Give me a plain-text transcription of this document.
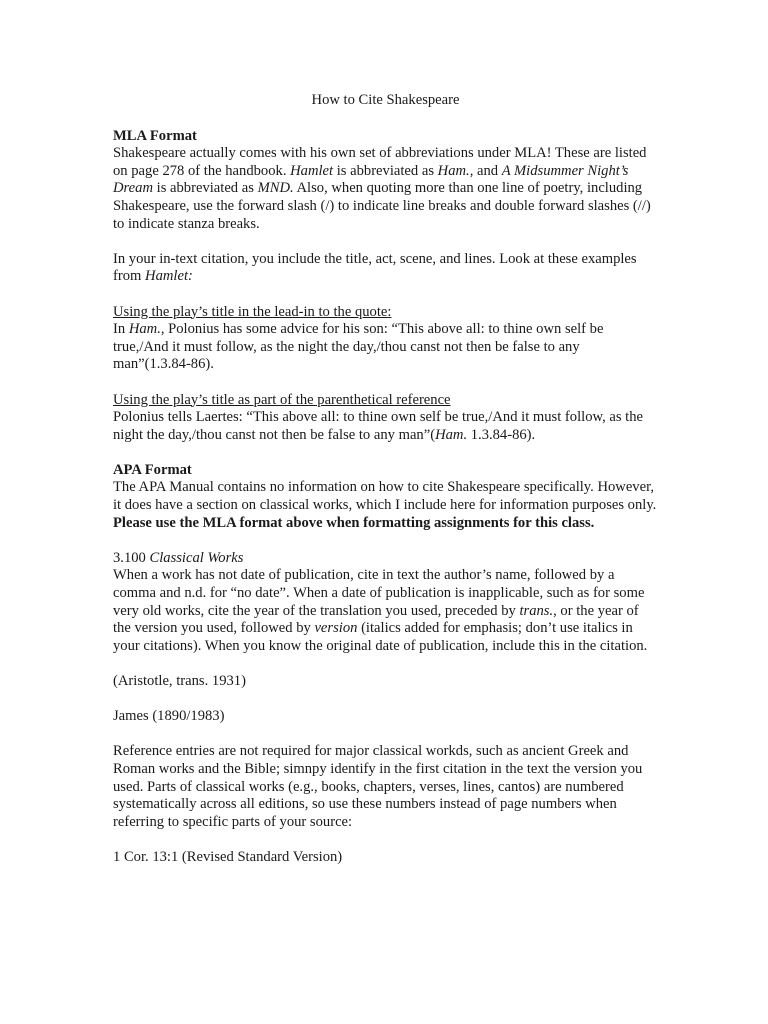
How to Cite Shakespeare
MLA Format

Shakespeare actually comes with his own set of abbreviations under MLA! These are listed on page 278 of the handbook. Hamlet is abbreviated as Ham., and A Midsummer Night’s Dream is abbreviated as MND. Also, when quoting more than one line of poetry, including Shakespeare, use the forward slash (/) to indicate line breaks and double forward slashes (//) to indicate stanza breaks.

In your in-text citation, you include the title, act, scene, and lines. Look at these examples from Hamlet:

Using the play’s title in the lead-in to the quote:
In Ham., Polonius has some advice for his son: “This above all: to thine own self be true,/And it must follow, as the night the day,/thou canst not then be false to any man”(1.3.84-86).

Using the play’s title as part of the parenthetical reference
Polonius tells Laertes: “This above all: to thine own self be true,/And it must follow, as the night the day,/thou canst not then be false to any man”(Ham. 1.3.84-86).

APA Format

The APA Manual contains no information on how to cite Shakespeare specifically. However, it does have a section on classical works, which I include here for information purposes only. Please use the MLA format above when formatting assignments for this class.

3.100 Classical Works
When a work has not date of publication, cite in text the author’s name, followed by a comma and n.d. for “no date”. When a date of publication is inapplicable, such as for some very old works, cite the year of the translation you used, preceded by trans., or the year of the version you used, followed by version (italics added for emphasis; don’t use italics in your citations). When you know the original date of publication, include this in the citation.

(Aristotle, trans. 1931)

James (1890/1983)

Reference entries are not required for major classical workds, such as ancient Greek and Roman works and the Bible; simnpy identify in the first citation in the text the version you used. Parts of classical works (e.g., books, chapters, verses, lines, cantos) are numbered systematically across all editions, so use these numbers instead of page numbers when referring to specific parts of your source:

1 Cor. 13:1 (Revised Standard Version)
